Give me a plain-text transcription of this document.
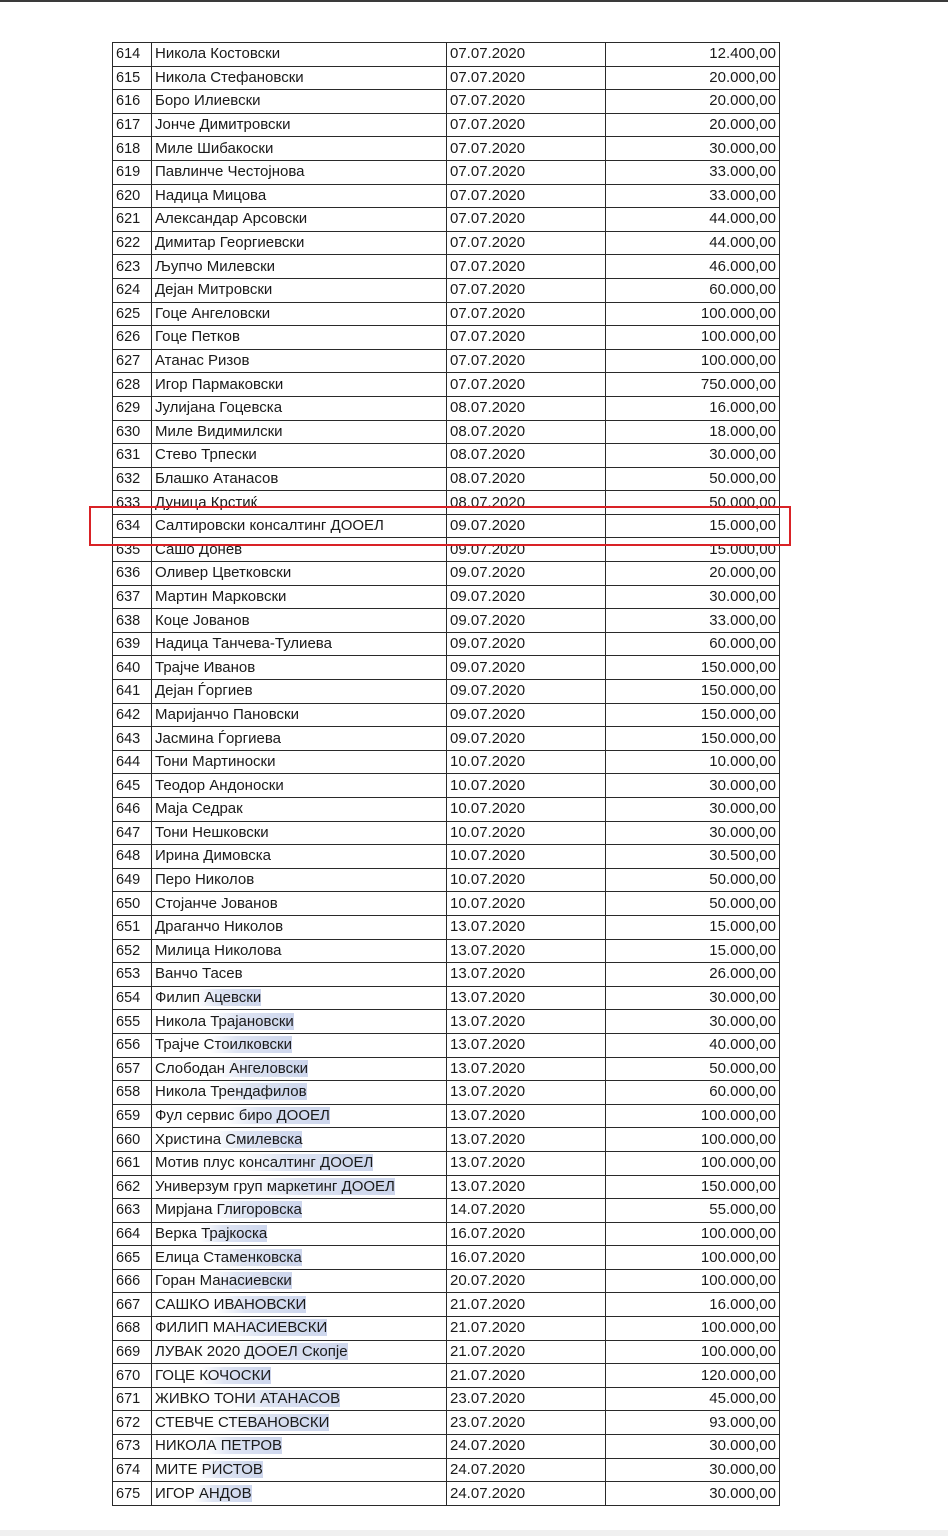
614	Никола Костовски	07.07.2020	12.400,00
615	Никола Стефановски	07.07.2020	20.000,00
616	Боро Илиевски	07.07.2020	20.000,00
617	Јонче Димитровски	07.07.2020	20.000,00
618	Миле Шибакоски	07.07.2020	30.000,00
619	Павлинче Честојнова	07.07.2020	33.000,00
620	Надица Мицова	07.07.2020	33.000,00
621	Александар Арсовски	07.07.2020	44.000,00
622	Димитар Георгиевски	07.07.2020	44.000,00
623	Љупчо Милевски	07.07.2020	46.000,00
624	Дејан Митровски	07.07.2020	60.000,00
625	Гоце Ангеловски	07.07.2020	100.000,00
626	Гоце Петков	07.07.2020	100.000,00
627	Атанас Ризов	07.07.2020	100.000,00
628	Игор Пармаковски	07.07.2020	750.000,00
629	Јулијана Гоцевска	08.07.2020	16.000,00
630	Миле Видимилски	08.07.2020	18.000,00
631	Стево Трпески	08.07.2020	30.000,00
632	Блашко Атанасов	08.07.2020	50.000,00
633	Дуница Крстиќ	08.07.2020	50.000,00
634	Салтировски консалтинг ДООЕЛ	09.07.2020	15.000,00
635	Сашо Донев	09.07.2020	15.000,00
636	Оливер Цветковски	09.07.2020	20.000,00
637	Мартин Марковски	09.07.2020	30.000,00
638	Коце Јованов	09.07.2020	33.000,00
639	Надица Танчева-Тулиева	09.07.2020	60.000,00
640	Трајче Иванов	09.07.2020	150.000,00
641	Дејан Ѓоргиев	09.07.2020	150.000,00
642	Маријанчо Пановски	09.07.2020	150.000,00
643	Јасмина Ѓоргиева	09.07.2020	150.000,00
644	Тони Мартиноски	10.07.2020	10.000,00
645	Теодор Андоноски	10.07.2020	30.000,00
646	Маја Седрак	10.07.2020	30.000,00
647	Тони Нешковски	10.07.2020	30.000,00
648	Ирина Димовска	10.07.2020	30.500,00
649	Перо Николов	10.07.2020	50.000,00
650	Стојанче Јованов	10.07.2020	50.000,00
651	Драганчо Николов	13.07.2020	15.000,00
652	Милица Николова	13.07.2020	15.000,00
653	Ванчо Тасев	13.07.2020	26.000,00
654	Филип Ацевски	13.07.2020	30.000,00
655	Никола Трајановски	13.07.2020	30.000,00
656	Трајче Стоилковски	13.07.2020	40.000,00
657	Слободан Ангеловски	13.07.2020	50.000,00
658	Никола Трендафилов	13.07.2020	60.000,00
659	Фул сервис биро ДООЕЛ	13.07.2020	100.000,00
660	Христина Смилевска	13.07.2020	100.000,00
661	Мотив плус консалтинг ДООЕЛ	13.07.2020	100.000,00
662	Универзум груп маркетинг ДООЕЛ	13.07.2020	150.000,00
663	Мирјана Глигоровска	14.07.2020	55.000,00
664	Верка Трајкоска	16.07.2020	100.000,00
665	Елица Стаменковска	16.07.2020	100.000,00
666	Горан Манасиевски	20.07.2020	100.000,00
667	САШКО ИВАНОВСКИ	21.07.2020	16.000,00
668	ФИЛИП МАНАСИЕВСКИ	21.07.2020	100.000,00
669	ЛУВАК 2020 ДООЕЛ Скопје	21.07.2020	100.000,00
670	ГОЦЕ КОЧОСКИ	21.07.2020	120.000,00
671	ЖИВКО ТОНИ АТАНАСОВ	23.07.2020	45.000,00
672	СТЕВЧЕ СТЕВАНОВСКИ	23.07.2020	93.000,00
673	НИКОЛА ПЕТРОВ	24.07.2020	30.000,00
674	МИТЕ РИСТОВ	24.07.2020	30.000,00
675	ИГОР АНДОВ	24.07.2020	30.000,00
